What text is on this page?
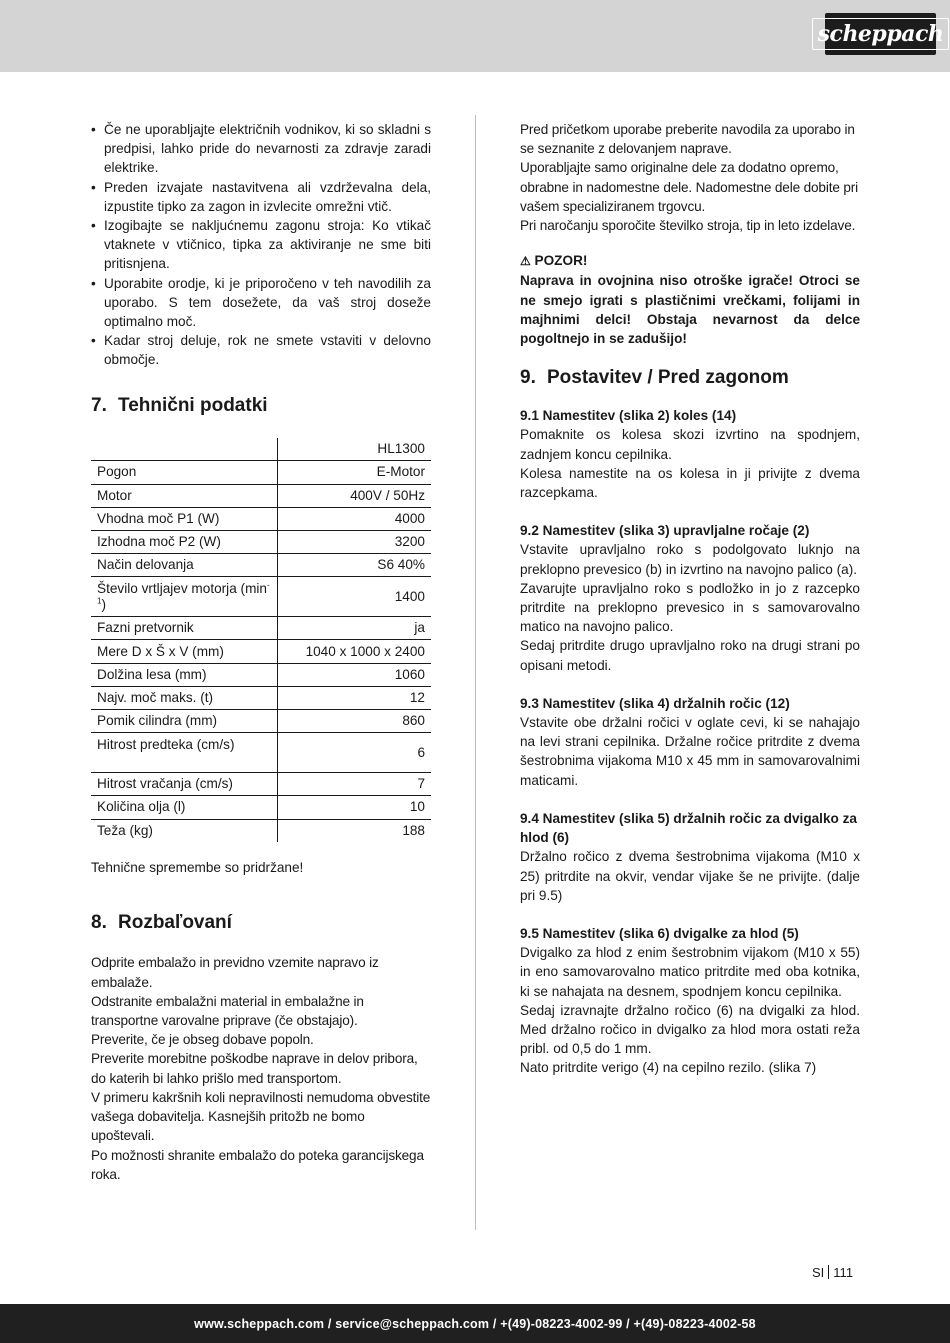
scheppach
• Če ne uporabljajte električnih vodnikov, ki so skladni s predpisi, lahko pride do nevarnosti za zdravje zaradi elektrike.
• Preden izvajate nastavitvena ali vzdrževalna dela, izpustite tipko za zagon in izvlecite omrežni vtič.
• Izogibajte se nakljućnemu zagonu stroja: Ko vtikač vtaknete v vtičnico, tipka za aktiviranje ne sme biti pritisnjena.
• Uporabite orodje, ki je priporočeno v teh navodilih za uporabo. S tem dosežete, da vaš stroj doseže optimalno moč.
• Kadar stroj deluje, rok ne smete vstaviti v delovno območje.
7. Tehnični podatki
	HL1300
Pogon	E-Motor
Motor	400V / 50Hz
Vhodna moč P1 (W)	4000
Izhodna moč P2 (W)	3200
Način delovanja	S6 40%
Število vrtljajev motorja $(\min^{-1})$	1400
Fazni pretvornik	ja
Mere D x Š x V (mm)	1040 x 1000 x 2400
Dolžina lesa (mm)	1060
Najv. moč maks. (t)	12
Pomik cilindra (mm)	860
Hitrost predteka (cm/s)	6
Hitrost vračanja (cm/s)	7
Količina olja (l)	10
Teža (kg)	188

Tehnične spremembe so pridržane!

8. Rozbaľovaní

Odprite embalažo in previdno vzemite napravo iz embalaže.

Odstranite embalažni material in embalažne in transportne varovalne priprave (če obstajajo).

Preverite, če je obseg dobave popoln.

Preverite morebitne poškodbe naprave in delov pribora, do katerih bi lahko prišlo med transportom.

V primeru kakršnih koli nepravilnosti nemudoma obvestite vašega dobavitelja. Kasnejših pritožb ne bomo upoštevali.

Po možnosti shranite embalažo do poteka garancijskega roka.

Pred pričetkom uporabe preberite navodila za uporabo in se seznanite z delovanjem naprave.

Uporabljajte samo originalne dele za dodatno opremo, obrabne in nadomestne dele. Nadomestne dele dobite pri vašem specializiranem trgovcu.

Pri naročanju sporočite številko stroja, tip in leto izdelave.

⚠ POZOR!

Naprava in ovojnina niso otroške igrače! Otroci se ne smejo igrati s plastičnimi vrečkami, folijami in majhnimi delci! Obstaja nevarnost da delce pogoltnejo in se zadušijo!

9. Postavitev / Pred zagonom

9.1 Namestitev (slika 2) koles (14)

Pomaknite os kolesa skozi izvrtino na spodnjem, zadnjem koncu cepilnika.

Kolesa namestite na os kolesa in ji privijte z dvema razcepkama.

9.2 Namestitev (slika 3) upravljalne ročaje (2)

Vstavite upravljalno roko s podolgovato luknjo na preklopno prevesico (b) in izvrtino na navojno palico (a).

Zavarujte upravljalno roko s podložko in jo z razcepko pritrdite na preklopno prevesico in s samovarovalno matico na navojno palico.

Sedaj pritrdite drugo upravljalno roko na drugi strani po opisani metodi.

9.3 Namestitev (slika 4) držalnih ročic (12)

Vstavite obe držalni ročici v oglate cevi, ki se nahajajo na levi strani cepilnika. Držalne ročice pritrdite z dvema šestrobnima vijakoma M10 x 45 mm in samovarovalnimi maticami.

9.4 Namestitev (slika 5) držalnih ročic za dvigalko za hlod (6)

Držalno ročico z dvema šestrobnima vijakoma (M10 x 25) pritrdite na okvir, vendar vijake še ne privijte. (dalje pri 9.5)

9.5 Namestitev (slika 6) dvigalke za hlod (5)

Dvigalko za hlod z enim šestrobnim vijakom (M10 x 55) in eno samovarovalno matico pritrdite med oba kotnika, ki se nahajata na desnem, spodnjem koncu cepilnika.

Sedaj izravnajte držalno ročico (6) na dvigalki za hlod. Med držalno ročico in dvigalko za hlod mora ostati reža pribl. od 0,5 do 1 mm.

Nato pritrdite verigo (4) na cepilno rezilo. (slika 7)

SI 111
www.scheppach.com / service@scheppach.com / +(49)-08223-4002-99 / +(49)-08223-4002-58
